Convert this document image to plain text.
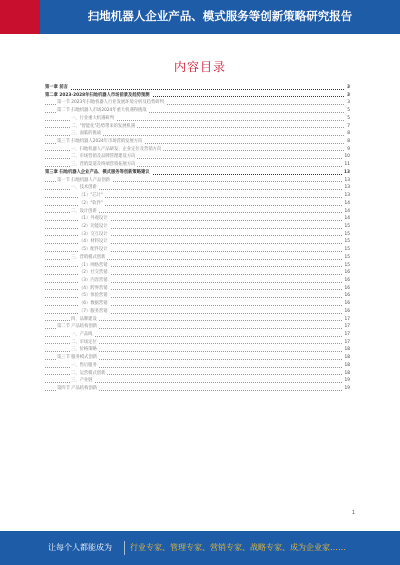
扫地机器人企业产品、模式服务等创新策略研究报告
内容目录
第一章 前言	3
第二章 2023-2028年扫地机器人市场前景及趋势预测	3
第一节 2023年扫地机器人行业发展环境分析及趋势研判	3
第二节 扫地机器人市场2024年重大机遇和挑战	5
一、行业重大机遇研判	5
二、"智能化"趋势带来的发展机遇	7
三、面临的挑战	8
第三节 扫地机器人2024年市场营销发展方向	8
一、扫地机器人产品研发、企业定位及营销方向	9
二、市场营销及品牌管理建设方向	10
三、营销渠道及终端营销拓展方向	11
第三章 扫地机器人企业产品、模式服务等创新策略建议	13
第一节 扫地机器人产品创新	13
一、技术创新	13
（1）"芯片"	13
（2）"软件"	14
二、设计创新	14
（1）外观设计	14
（2）功能设计	15
（3）交互设计	15
（4）材料设计	15
（5）配件设计	15
三、营销模式创新	15
（1）网络营销	15
（2）社交营销	16
（3）内容营销	16
（4）跨界营销	16
（5）体验营销	16
（6）数据营销	16
（7）服务营销	16
四、品牌建设	17
第二节 产品结构创新	17
一、产品线	17
二、市场定位	17
三、价格策略	18
第三节 服务模式创新	18
一、售后服务	18
二、运营模式创新	18
三、产业链	19
第四节 产品结构创新	19
1
让每个人都能成为 行业专家、管理专家、营销专家、战略专家、成为企业家……
